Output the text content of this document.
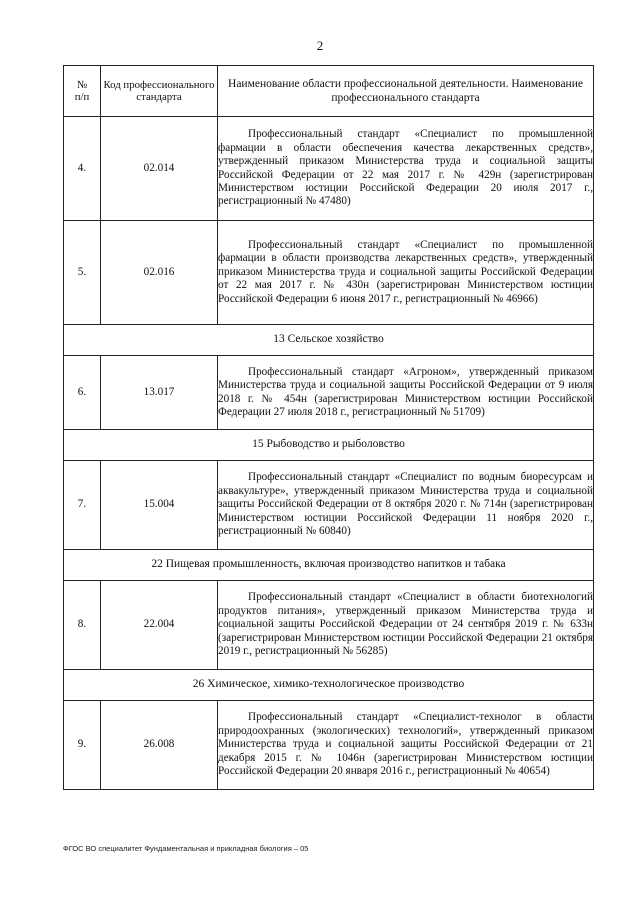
2
№
п/п	Код профессионального стандарта	Наименование области профессиональной деятельности. Наименование профессионального стандарта
4.	02.014	Профессиональный стандарт «Специалист по промышленной фармации в области обеспечения качества лекарственных средств», утвержденный приказом Министерства труда и социальной защиты Российской Федерации от 22 мая 2017 г. № 429н (зарегистрирован Министерством юстиции Российской Федерации 20 июля 2017 г., регистрационный № 47480)

5.	02.016	Профессиональный стандарт «Специалист по промышленной фармации в области производства лекарственных средств», утвержденный приказом Министерства труда и социальной защиты Российской Федерации от 22 мая 2017 г. № 430н (зарегистрирован Министерством юстиции Российской Федерации 6 июня 2017 г., регистрационный № 46966)

13 Сельское хозяйство		
6.	13.017	Профессиональный стандарт «Агроном», утвержденный приказом Министерства труда и социальной защиты Российской Федерации от 9 июля 2018 г. № 454н (зарегистрирован Министерством юстиции Российской Федерации 27 июля 2018 г., регистрационный № 51709)

15 Рыбоводство и рыболовство		
7.	15.004	Профессиональный стандарт «Специалист по водным биоресурсам и аквакультуре», утвержденный приказом Министерства труда и социальной защиты Российской Федерации от 8 октября 2020 г. № 714н (зарегистрирован Министерством юстиции Российской Федерации 11 ноября 2020 г., регистрационный № 60840)

22 Пищевая промышленность, включая производство напитков и табака		
8.	22.004	Профессиональный стандарт «Специалист в области биотехнологий продуктов питания», утвержденный приказом Министерства труда и социальной защиты Российской Федерации от 24 сентября 2019 г. № 633н (зарегистрирован Министерством юстиции Российской Федерации 21 октября 2019 г., регистрационный № 56285)

26 Химическое, химико-технологическое производство		
9.	26.008	Профессиональный стандарт «Специалист-технолог в области природоохранных (экологических) технологий», утвержденный приказом Министерства труда и социальной защиты Российской Федерации от 21 декабря 2015 г. № 1046н (зарегистрирован Министерством юстиции Российской Федерации 20 января 2016 г., регистрационный № 40654)
ФГОС ВО специалитет Фундаментальная и прикладная биология – 05
